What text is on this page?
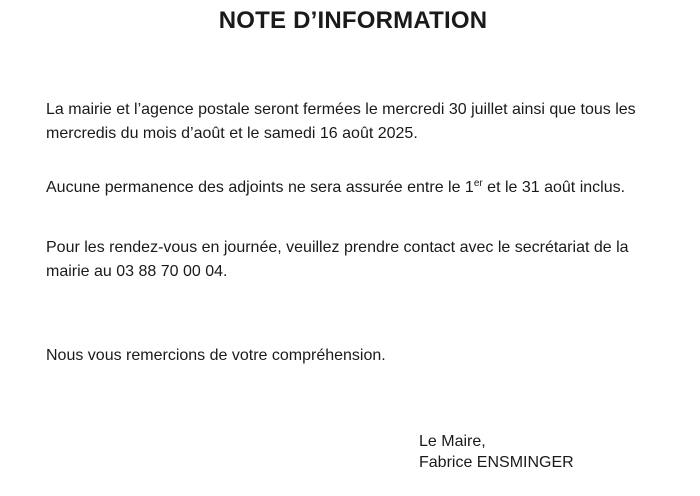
NOTE D’INFORMATION

La mairie et l’agence postale seront fermées le mercredi 30 juillet ainsi que tous les mercredis du mois d’août et le samedi 16 août 2025.

Aucune permanence des adjoints ne sera assurée entre le 1er et le 31 août inclus.

Pour les rendez-vous en journée, veuillez prendre contact avec le secrétariat de la mairie au 03 88 70 00 04.

Nous vous remercions de votre compréhension.

Le Maire,
Fabrice ENSMINGER
